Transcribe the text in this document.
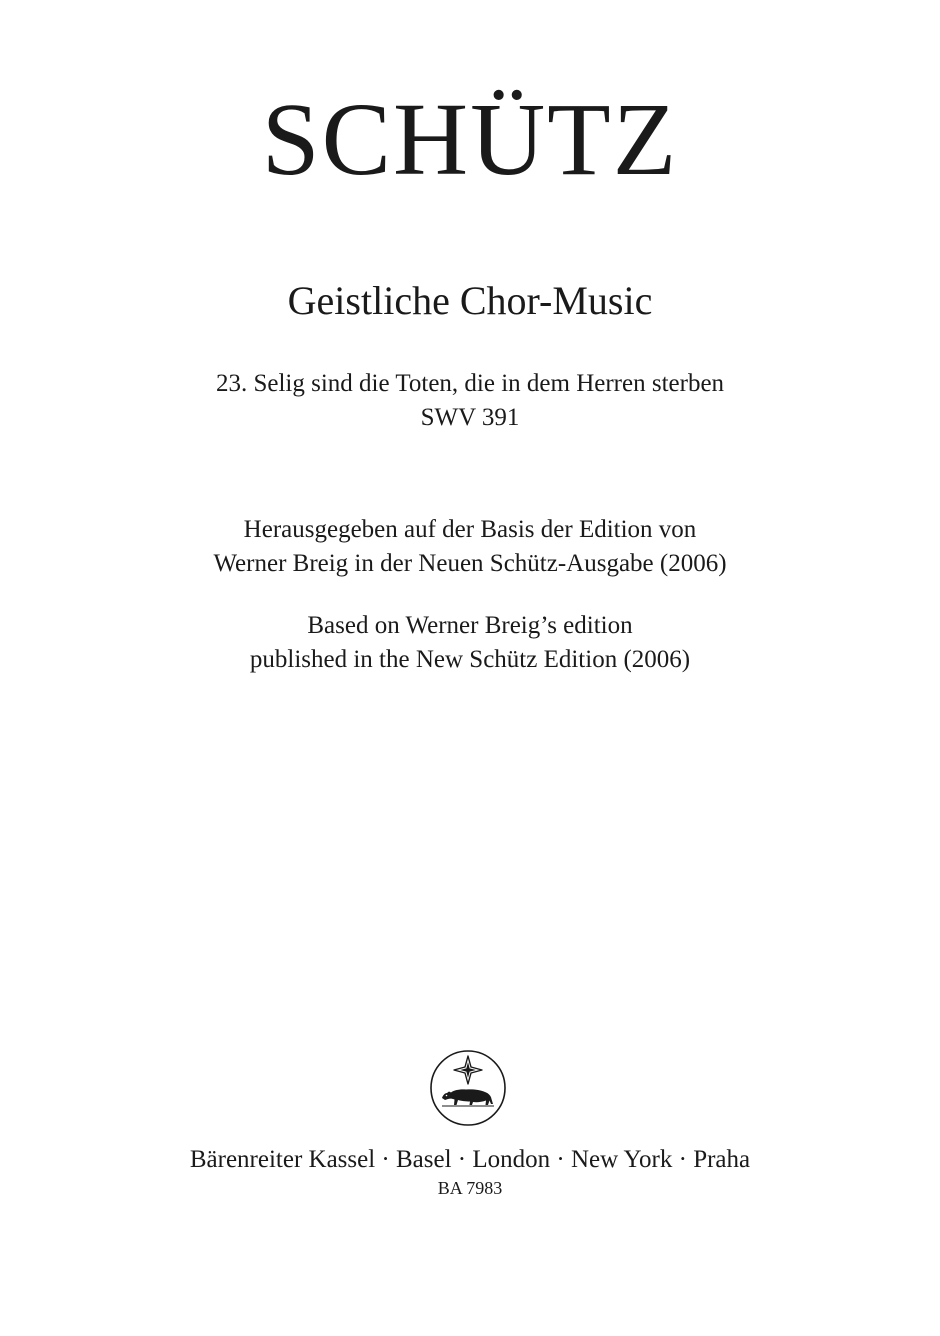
SCHÜTZ
Geistliche Chor-Music
23. Selig sind die Toten, die in dem Herren sterben
SWV 391
Herausgegeben auf der Basis der Edition von
Werner Breig in der Neuen Schütz-Ausgabe (2006)
Based on Werner Breig’s edition
published in the New Schütz Edition (2006)
Bärenreiter Kassel · Basel · London · New York · Praha
BA 7983
